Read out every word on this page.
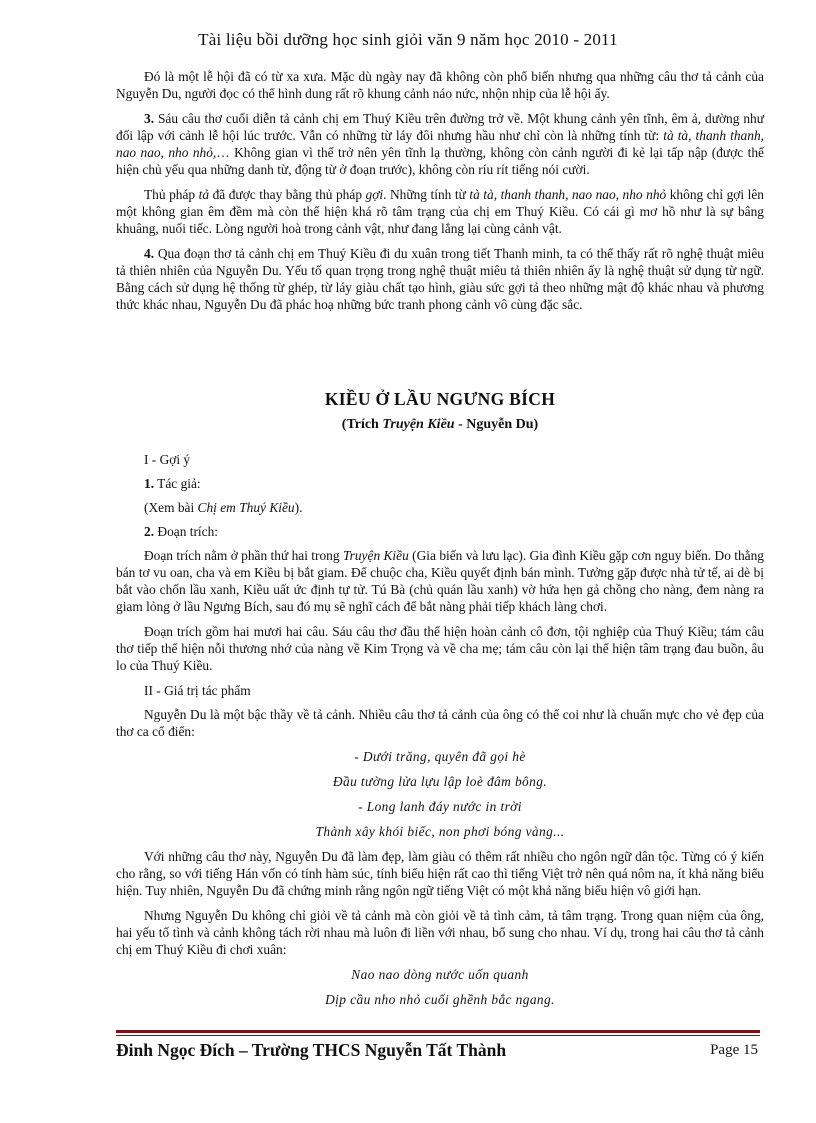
Tài liệu bồi dưỡng học sinh giỏi văn 9 năm học 2010 - 2011

Đó là một lễ hội đã có từ xa xưa. Mặc dù ngày nay đã không còn phổ biến nhưng qua những câu thơ tả cảnh của Nguyễn Du, người đọc có thể hình dung rất rõ khung cảnh náo nức, nhộn nhịp của lễ hội ấy.

3. Sáu câu thơ cuối diễn tả cảnh chị em Thuý Kiều trên đường trở về. Một khung cảnh yên tĩnh, êm ả, dường như đối lập với cảnh lễ hội lúc trước. Vẫn có những từ láy đôi nhưng hầu như chỉ còn là những tính từ: tà tà, thanh thanh, nao nao, nho nhỏ,… Không gian vì thế trở nên yên tĩnh lạ thường, không còn cảnh người đi kẻ lại tấp nập (được thể hiện chủ yếu qua những danh từ, động từ ở đoạn trước), không còn ríu rít tiếng nói cười.

Thủ pháp tả đã được thay bằng thủ pháp gợi. Những tính từ tà tà, thanh thanh, nao nao, nho nhỏ không chỉ gợi lên một không gian êm đềm mà còn thể hiện khá rõ tâm trạng của chị em Thuý Kiều. Có cái gì mơ hồ như là sự bâng khuâng, nuối tiếc. Lòng người hoà trong cảnh vật, như đang lắng lại cùng cảnh vật.

4. Qua đoạn thơ tả cảnh chị em Thuý Kiều đi du xuân trong tiết Thanh minh, ta có thể thấy rất rõ nghệ thuật miêu tả thiên nhiên của Nguyễn Du. Yếu tố quan trọng trong nghệ thuật miêu tả thiên nhiên ấy là nghệ thuật sử dụng từ ngữ. Bằng cách sử dụng hệ thống từ ghép, từ láy giàu chất tạo hình, giàu sức gợi tả theo những mật độ khác nhau và phương thức khác nhau, Nguyễn Du đã phác hoạ những bức tranh phong cảnh vô cùng đặc sắc.

KIỀU Ở LẦU NGƯNG BÍCH
(Trích Truyện Kiều - Nguyễn Du)

I - Gợi ý

1. Tác giả:

(Xem bài Chị em Thuý Kiều).

2. Đoạn trích:

Đoạn trích nằm ở phần thứ hai trong Truyện Kiều (Gia biến và lưu lạc). Gia đình Kiều gặp cơn nguy biến. Do thằng bán tơ vu oan, cha và em Kiều bị bắt giam. Để chuộc cha, Kiều quyết định bán mình. Tưởng gặp được nhà tử tế, ai dè bị bắt vào chốn lầu xanh, Kiều uất ức định tự tử. Tú Bà (chủ quán lầu xanh) vờ hứa hẹn gả chồng cho nàng, đem nàng ra giam lỏng ở lầu Ngưng Bích, sau đó mụ sẽ nghĩ cách để bắt nàng phải tiếp khách làng chơi.

Đoạn trích gồm hai mươi hai câu. Sáu câu thơ đầu thể hiện hoàn cảnh cô đơn, tội nghiệp của Thuý Kiều; tám câu thơ tiếp thể hiện nỗi thương nhớ của nàng về Kim Trọng và về cha mẹ; tám câu còn lại thể hiện tâm trạng đau buồn, âu lo của Thuý Kiều.

II - Giá trị tác phẩm

Nguyễn Du là một bậc thầy về tả cảnh. Nhiều câu thơ tả cảnh của ông có thể coi như là chuẩn mực cho vẻ đẹp của thơ ca cổ điển:

- Dưới trăng, quyên đã gọi hè

Đầu tường lửa lựu lập loè đâm bông.

- Long lanh đáy nước in trời

Thành xây khói biếc, non phơi bóng vàng...

Với những câu thơ này, Nguyễn Du đã làm đẹp, làm giàu có thêm rất nhiều cho ngôn ngữ dân tộc. Từng có ý kiến cho rằng, so với tiếng Hán vốn có tính hàm súc, tính biểu hiện rất cao thì tiếng Việt trở nên quá nôm na, ít khả năng biểu hiện. Tuy nhiên, Nguyễn Du đã chứng minh rằng ngôn ngữ tiếng Việt có một khả năng biểu hiện vô giới hạn.

Nhưng Nguyễn Du không chỉ giỏi về tả cảnh mà còn giỏi về tả tình cảm, tả tâm trạng. Trong quan niệm của ông, hai yếu tố tình và cảnh không tách rời nhau mà luôn đi liền với nhau, bổ sung cho nhau. Ví dụ, trong hai câu thơ tả cảnh chị em Thuý Kiều đi chơi xuân:

Nao nao dòng nước uốn quanh

Dịp cầu nho nhỏ cuối ghềnh bắc ngang.

Đinh Ngọc Đích – Trường THCS Nguyễn Tất Thành	Page 15
